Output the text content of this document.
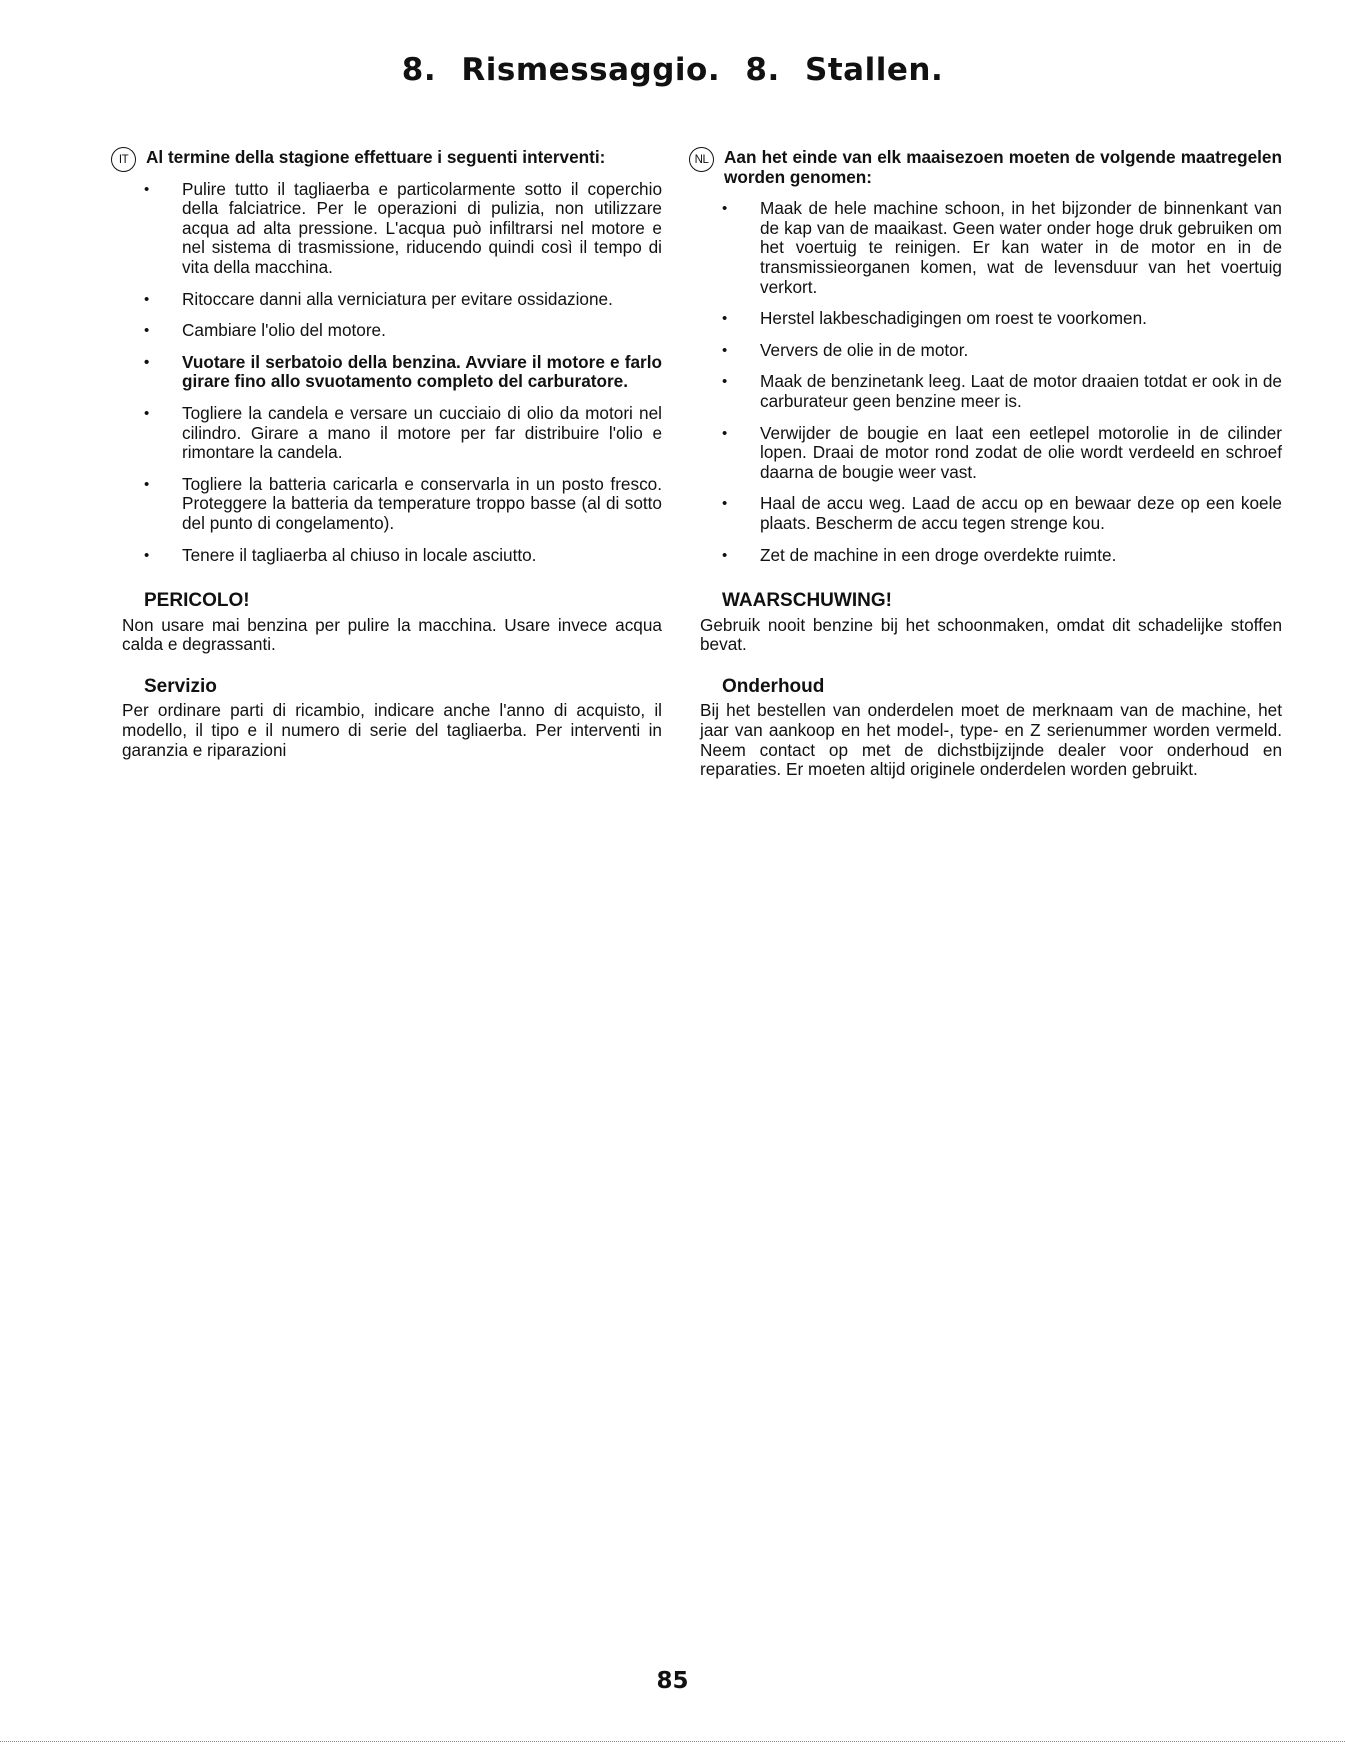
8. Rismessaggio. 8. Stallen.
IT	Al termine della stagione effettuare i seguenti interventi:
• Pulire tutto il tagliaerba e particolarmente sotto il coperchio della falciatrice. Per le operazioni di pulizia, non utilizzare acqua ad alta pressione. L'acqua può infiltrarsi nel motore e nel sistema di trasmissione, riducendo quindi così il tempo di vita della macchina.
• Ritoccare danni alla verniciatura per evitare ossidazione.
• Cambiare l'olio del motore.
• Vuotare il serbatoio della benzina. Avviare il motore e farlo girare fino allo svuotamento completo del carburatore.
• Togliere la candela e versare un cucciaio di olio da motori nel cilindro. Girare a mano il motore per far distribuire l'olio e rimontare la candela.
• Togliere la batteria caricarla e conservarla in un posto fresco. Proteggere la batteria da temperature troppo basse (al di sotto del punto di congelamento).
• Tenere il tagliaerba al chiuso in locale asciutto.
PERICOLO!
Non usare mai benzina per pulire la macchina. Usare invece acqua calda e degrassanti.
Servizio
Per ordinare parti di ricambio, indicare anche l'anno di acquisto, il modello, il tipo e il numero di serie del tagliaerba. Per interventi in garanzia e riparazioni
NL Aan het einde van elk maaisezoen moeten de volgende maatregelen worden genomen:
• Maak de hele machine schoon, in het bijzonder de binnenkant van de kap van de maaikast. Geen water onder hoge druk gebruiken om het voertuig te reinigen. Er kan water in de motor en in de transmissieorganen komen, wat de levensduur van het voertuig verkort.
• Herstel lakbeschadigingen om roest te voorkomen.
• Ververs de olie in de motor.
• Maak de benzinetank leeg. Laat de motor draaien totdat er ook in de carburateur geen benzine meer is.
• Verwijder de bougie en laat een eetlepel motorolie in de cilinder lopen. Draai de motor rond zodat de olie wordt verdeeld en schroef daarna de bougie weer vast.
• Haal de accu weg. Laad de accu op en bewaar deze op een koele plaats. Bescherm de accu tegen strenge kou.
• Zet de machine in een droge overdekte ruimte.
WAARSCHUWING!
Gebruik nooit benzine bij het schoonmaken, omdat dit schadelijke stoffen bevat.
Onderhoud
Bij het bestellen van onderdelen moet de merknaam van de machine, het jaar van aankoop en het model-, type- en Z serienummer worden vermeld. Neem contact op met de dichstbijzijnde dealer voor onderhoud en reparaties. Er moeten altijd originele onderdelen worden gebruikt.
85
